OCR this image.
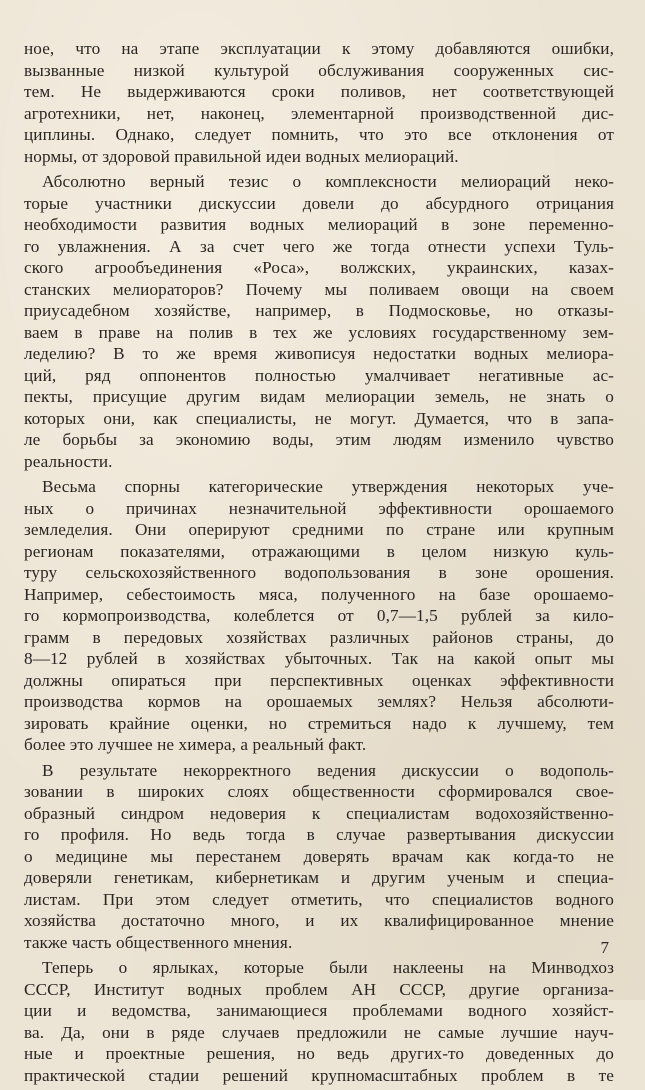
ное, что на этапе эксплуатации к этому добавляются ошибки,
вызванные низкой культурой обслуживания сооруженных сис-
тем. Не выдерживаются сроки поливов, нет соответствующей
агротехники, нет, наконец, элементарной производственной дис-
циплины. Однако, следует помнить, что это все отклонения от
нормы, от здоровой правильной идеи водных мелиораций.
Абсолютно верный тезис о комплексности мелиораций неко-
торые участники дискуссии довели до абсурдного отрицания
необходимости развития водных мелиораций в зоне переменно-
го увлажнения. А за счет чего же тогда отнести успехи Туль-
ского агрообъединения «Роса», волжских, украинских, казах-
станских мелиораторов? Почему мы поливаем овощи на своем
приусадебном хозяйстве, например, в Подмосковье, но отказы-
ваем в праве на полив в тех же условиях государственному зем-
леделию? В то же время живописуя недостатки водных мелиора-
ций, ряд оппонентов полностью умалчивает негативные ас-
пекты, присущие другим видам мелиорации земель, не знать о
которых они, как специалисты, не могут. Думается, что в запа-
ле борьбы за экономию воды, этим людям изменило чувство
реальности.
Весьма спорны категорические утверждения некоторых уче-
ных о причинах незначительной эффективности орошаемого
земледелия. Они оперируют средними по стране или крупным
регионам показателями, отражающими в целом низкую куль-
туру сельскохозяйственного водопользования в зоне орошения.
Например, себестоимость мяса, полученного на базе орошаемо-
го кормопроизводства, колеблется от 0,7—1,5 рублей за кило-
грамм в передовых хозяйствах различных районов страны, до
8—12 рублей в хозяйствах убыточных. Так на какой опыт мы
должны опираться при перспективных оценках эффективности
производства кормов на орошаемых землях? Нельзя абсолюти-
зировать крайние оценки, но стремиться надо к лучшему, тем
более это лучшее не химера, а реальный факт.
В результате некорректного ведения дискуссии о водополь-
зовании в широких слоях общественности сформировался свое-
образный синдром недоверия к специалистам водохозяйственно-
го профиля. Но ведь тогда в случае развертывания дискуссии
о медицине мы перестанем доверять врачам как когда-то не
доверяли генетикам, кибернетикам и другим ученым и специа-
листам. При этом следует отметить, что специалистов водного
хозяйства достаточно много, и их квалифицированное мнение
также часть общественного мнения.
Теперь о ярлыках, которые были наклеены на Минводхоз
СССР, Институт водных проблем АН СССР, другие организа-
ции и ведомства, занимающиеся проблемами водного хозяйст-
ва. Да, они в ряде случаев предложили не самые лучшие науч-
ные и проектные решения, но ведь других-то доведенных до
практической стадии решений крупномасштабных проблем в те
7
